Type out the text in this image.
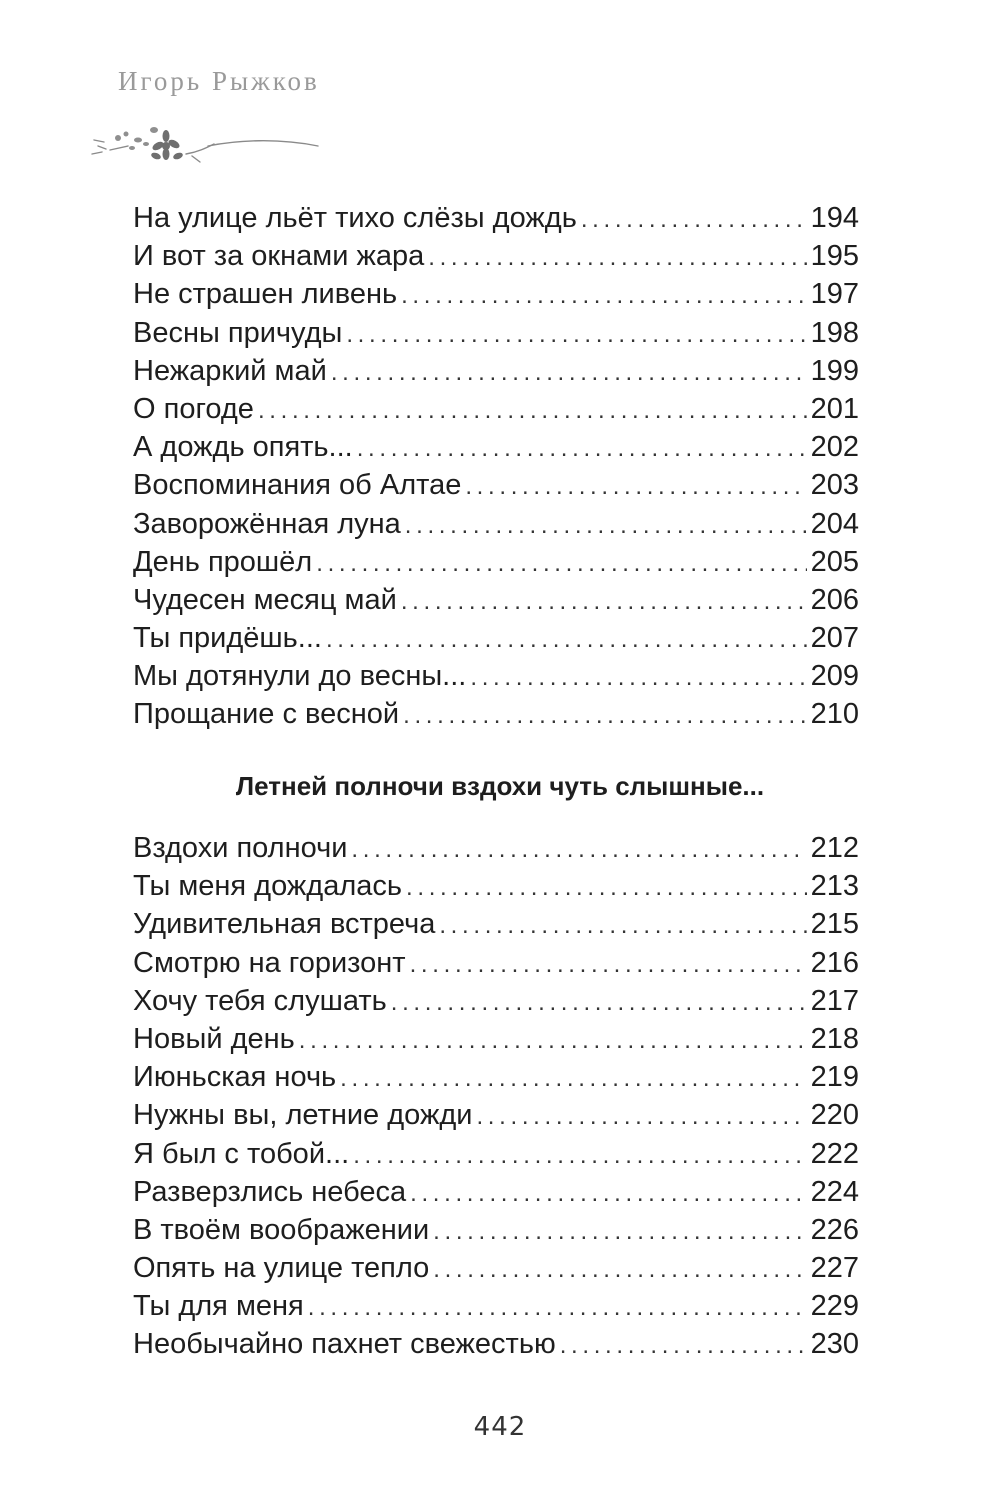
Игорь Рыжков
На улице льёт тихо слёзы дождь . . .	194
И вот за окнами жара . . .	195
Не страшен ливень . . .	197
Весны причуды . . .	198
Нежаркий май . . .	199
О погоде . . .	201
А дождь опять... . . .	202
Воспоминания об Алтае . . .	203
Заворожённая луна . . .	204
День прошёл . . .	205
Чудесен месяц май . . .	206
Ты придёшь... . . .	207
Мы дотянули до весны... . . .	209
Прощание с весной . . .	210
Летней полночи вздохи чуть слышные...
Вздохи полночи . . .	212
Ты меня дождалась . . .	213
Удивительная встреча . . .	215
Смотрю на горизонт . . .	216
Хочу тебя слушать . . .	217
Новый день . . .	218
Июньская ночь . . .	219
Нужны вы, летние дожди . . .	220
Я был с тобой... . . .	222
Разверзлись небеса . . .	224
В твоём воображении . . .	226
Опять на улице тепло . . .	227
Ты для меня . . .	229
Необычайно пахнет свежестью . . .	230
442
